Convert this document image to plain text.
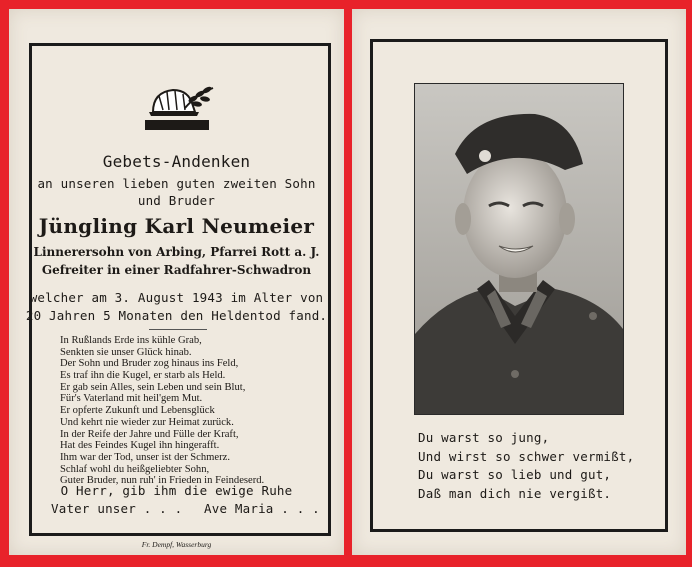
Gebets-Andenken
an unseren lieben guten zweiten Sohn
und Bruder
Jüngling Karl Neumeier
Linnerersohn von Arbing, Pfarrei Rott a. J.
Gefreiter in einer Radfahrer-Schwadron
welcher am 3. August 1943 im Alter von
20 Jahren 5 Monaten den Heldentod fand.
In Rußlands Erde ins kühle Grab,
Senkten sie unser Glück hinab.
Der Sohn und Bruder zog hinaus ins Feld,
Es traf ihn die Kugel, er starb als Held.
Er gab sein Alles, sein Leben und sein Blut,
Für's Vaterland mit heil'gem Mut.
Er opferte Zukunft und Lebensglück
Und kehrt nie wieder zur Heimat zurück.
In der Reife der Jahre und Fülle der Kraft,
Hat des Feindes Kugel ihn hingerafft.
Ihm war der Tod, unser ist der Schmerz.
Schlaf wohl du heißgeliebter Sohn,
Guter Bruder, nun ruh' in Frieden in Feindeserd.
O Herr, gib ihm die ewige Ruhe
Vater unser . . . Ave Maria . . .
Fr. Dempf, Wasserburg
Du warst so jung,
Und wirst so schwer vermißt,
Du warst so lieb und gut,
Daß man dich nie vergißt.
